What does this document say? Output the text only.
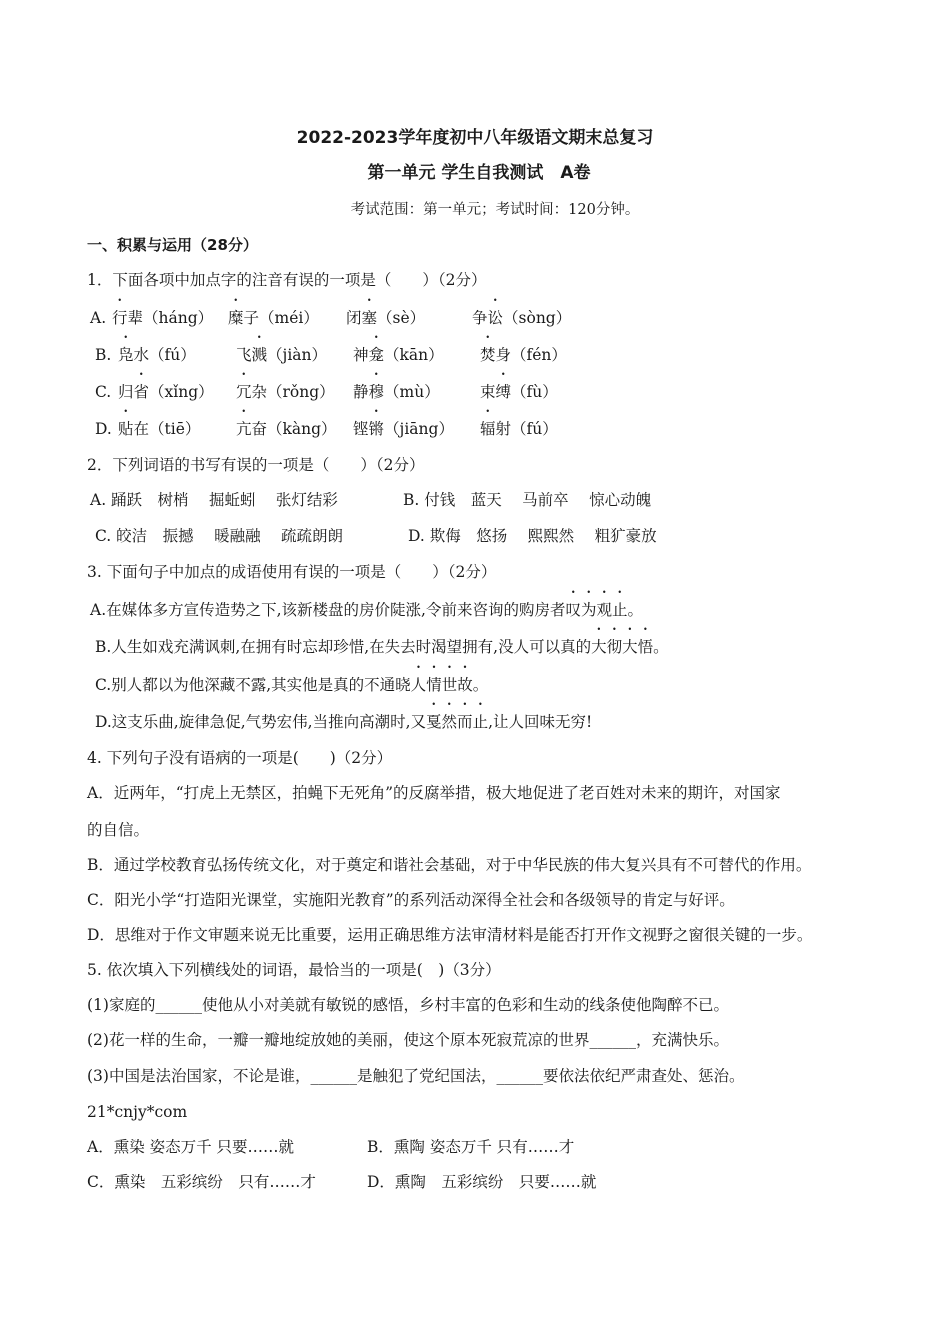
2022-2023学年度初中八年级语文期末总复习
第一单元 学生自我测试　A卷
考试范围：第一单元；考试时间：120分钟。
一、积累与运用（28分）
1．下面各项中加点字的注音有误的一项是（　　）（2分）
A. 行辈（háng） 糜子（méi） 闭塞（sè）	争讼（sòng）
B. 凫水（fú）	飞溅（jiàn） 神龛（kān） 焚身（fén）
C. 归省（xǐng） 冗杂（rǒng） 静穆（mù）	束缚（fù）
D. 贴在（tiē） 亢奋（kàng） 铿锵（jiāng） 辐射（fú）
2．下列词语的书写有误的一项是（　　）（2分）
A. 踊跃　树梢　 掘蚯蚓　 张灯结彩	B. 付钱　蓝天　 马前卒　 惊心动魄
C. 皎洁　振撼　 暖融融　 疏疏朗朗	D. 欺侮　悠扬　 熙熙然　 粗犷豪放
3. 下面句子中加点的成语使用有误的一项是（　　）（2分）
A.在媒体多方宣传造势之下,该新楼盘的房价陡涨,令前来咨询的购房者叹为观止。
B.人生如戏充满讽刺,在拥有时忘却珍惜,在失去时渴望拥有,没人可以真的大彻大悟。
C.别人都以为他深藏不露,其实他是真的不通晓人情世故。
D.这支乐曲,旋律急促,气势宏伟,当推向高潮时,又戛然而止,让人回味无穷!
4. 下列句子没有语病的一项是(　　)（2分）
A．近两年，“打虎上无禁区，拍蝇下无死角”的反腐举措，极大地促进了老百姓对未来的期许，对国家
的自信。
B．通过学校教育弘扬传统文化，对于奠定和谐社会基础，对于中华民族的伟大复兴具有不可替代的作用。
C．阳光小学“打造阳光课堂，实施阳光教育”的系列活动深得全社会和各级领导的肯定与好评。
D．思维对于作文审题来说无比重要，运用正确思维方法审清材料是能否打开作文视野之窗很关键的一步。
5. 依次填入下列横线处的词语，最恰当的一项是(　)（3分）
(1)家庭的______使他从小对美就有敏锐的感悟，乡村丰富的色彩和生动的线条使他陶醉不已。
(2)花一样的生命，一瓣一瓣地绽放她的美丽，使这个原本死寂荒凉的世界______，充满快乐。
(3)中国是法治国家，不论是谁，______是触犯了党纪国法，______要依法依纪严肃查处、惩治。
21*cnjy*com
A．熏染 姿态万千 只要……就	B．熏陶 姿态万千 只有……才
C．熏染　五彩缤纷　只有……才	D．熏陶　五彩缤纷　只要……就
